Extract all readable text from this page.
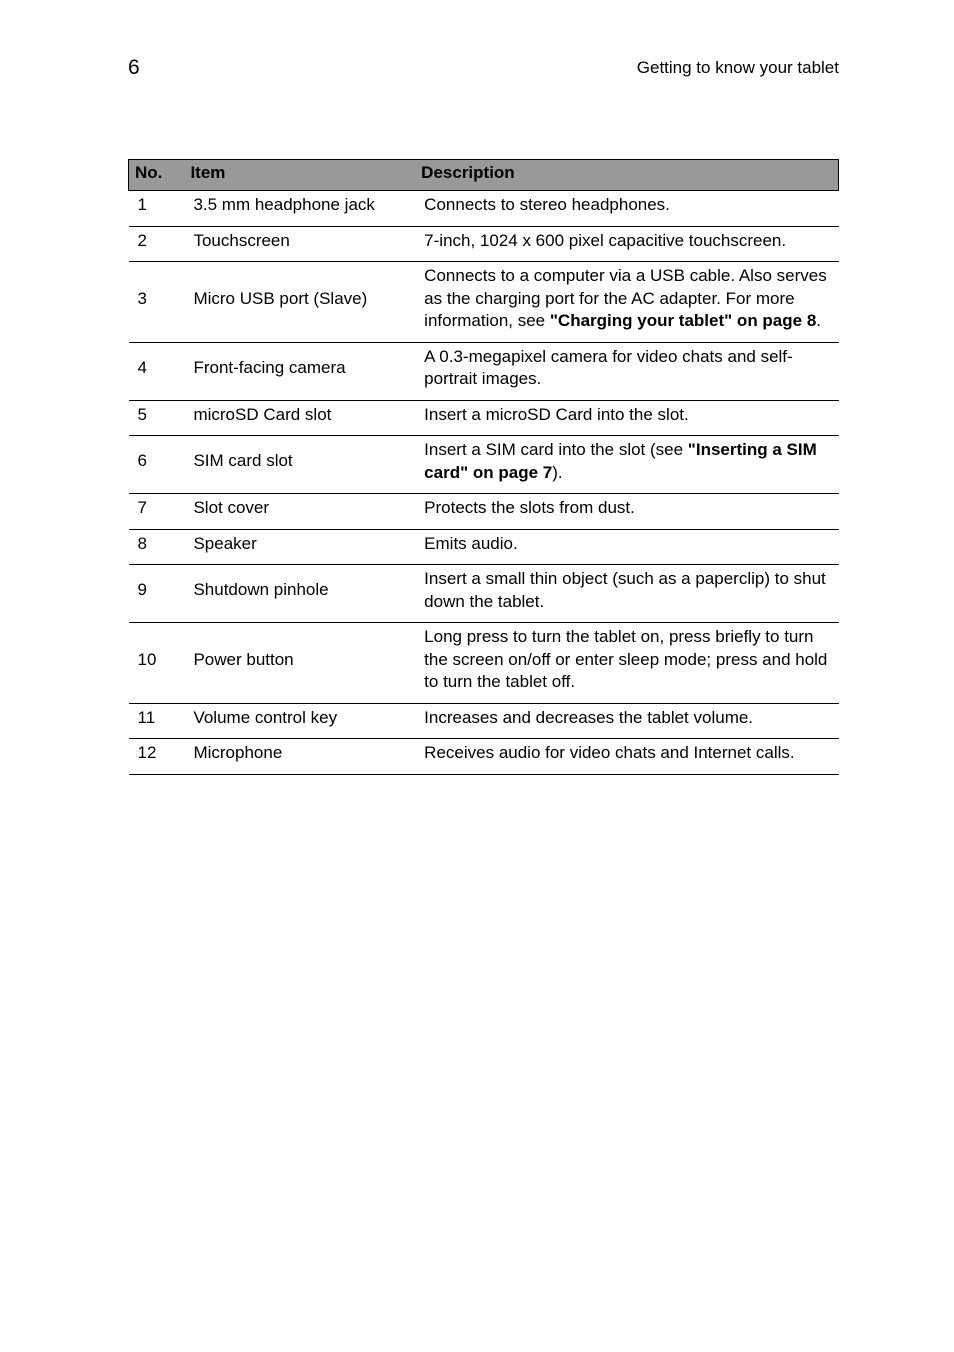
6	Getting to know your tablet
No.	Item	Description
1	3.5 mm headphone jack	Connects to stereo headphones.
2	Touchscreen	7-inch, 1024 x 600 pixel capacitive touchscreen.
3	Micro USB port (Slave)	Connects to a computer via a USB cable. Also serves as the charging port for the AC adapter. For more information, see "Charging your tablet" on page 8.
4	Front-facing camera	A 0.3-megapixel camera for video chats and self-portrait images.
5	microSD Card slot	Insert a microSD Card into the slot.
6	SIM card slot	Insert a SIM card into the slot (see "Inserting a SIM card" on page 7).
7	Slot cover	Protects the slots from dust.
8	Speaker	Emits audio.
9	Shutdown pinhole	Insert a small thin object (such as a paperclip) to shut down the tablet.
10	Power button	Long press to turn the tablet on, press briefly to turn the screen on/off or enter sleep mode; press and hold to turn the tablet off.
11	Volume control key	Increases and decreases the tablet volume.
12	Microphone	Receives audio for video chats and Internet calls.
